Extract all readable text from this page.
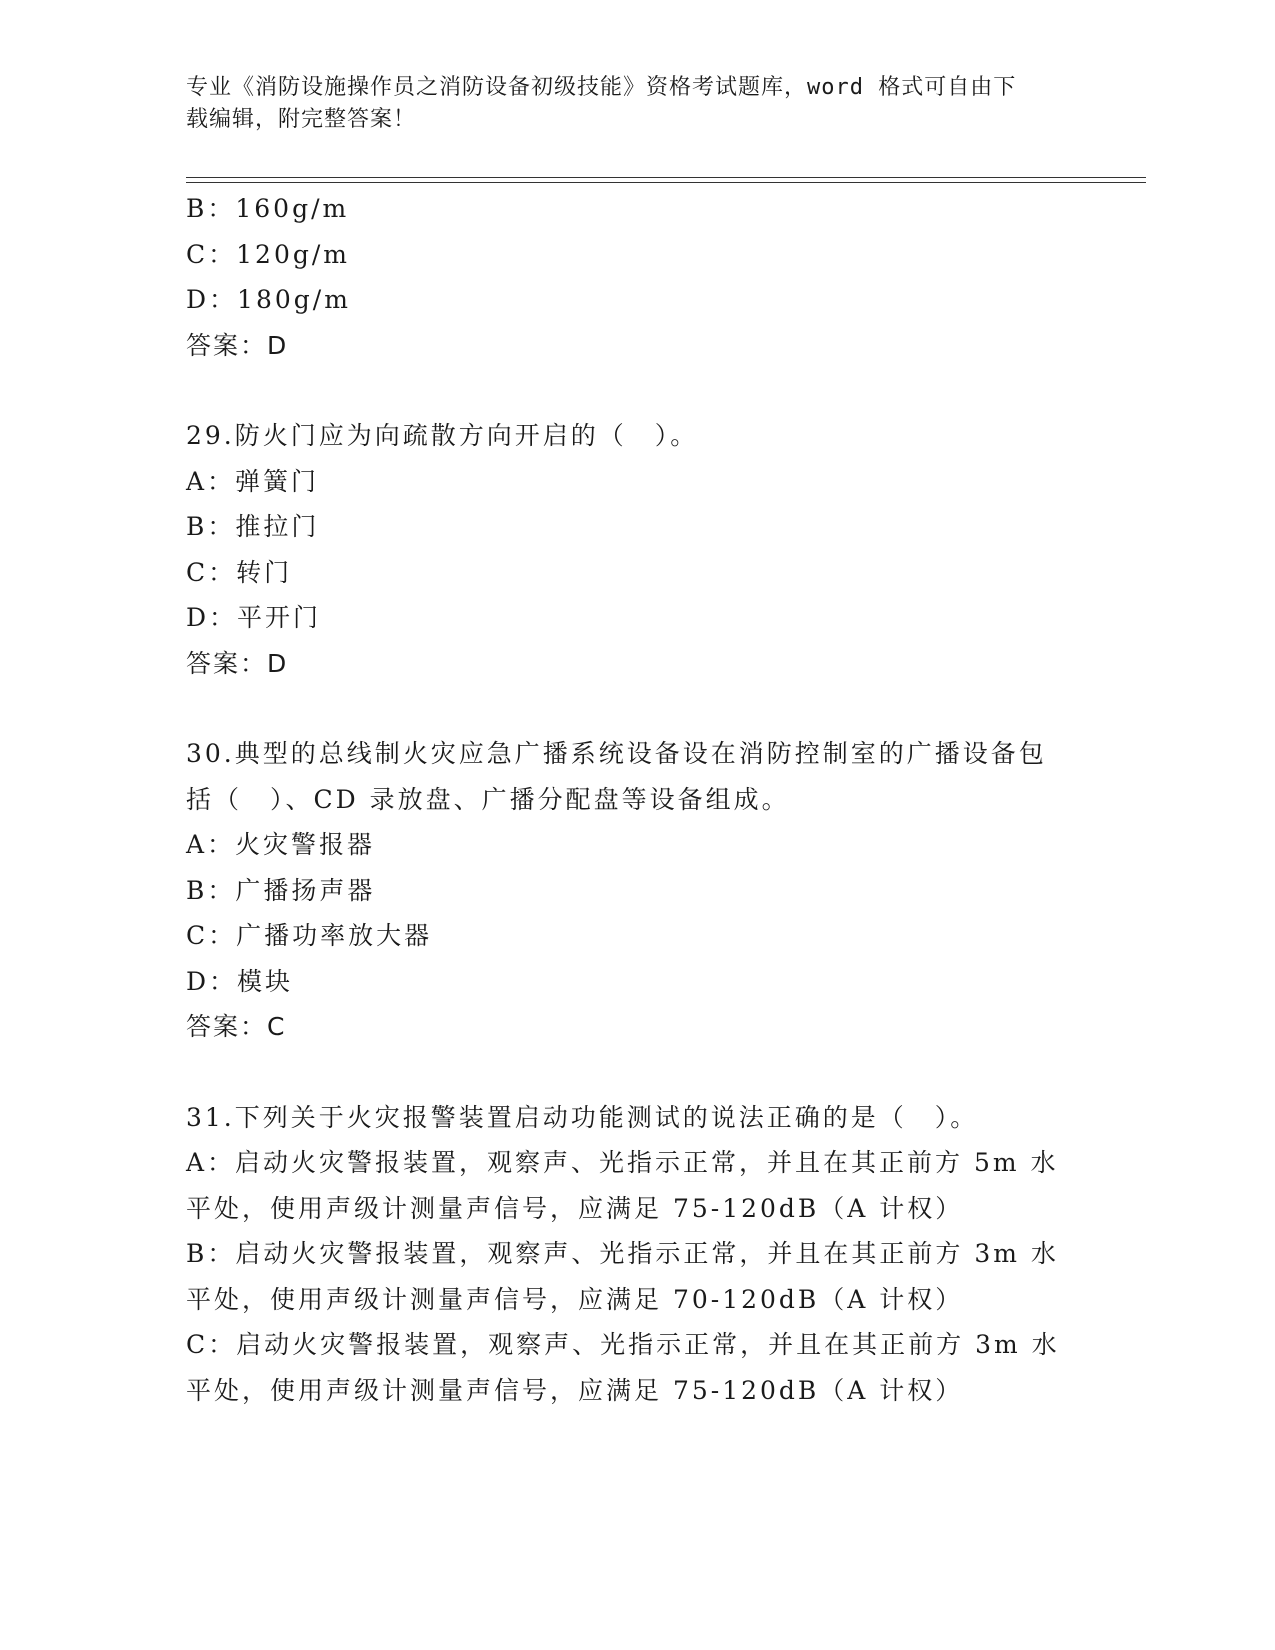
专业《消防设施操作员之消防设备初级技能》资格考试题库，word 格式可自由下
载编辑，附完整答案！
B：160g/m
C：120g/m
D：180g/m
答案：D
29.防火门应为向疏散方向开启的（　）。
A：弹簧门
B：推拉门
C：转门
D：平开门
答案：D
30.典型的总线制火灾应急广播系统设备设在消防控制室的广播设备包
括（　）、CD 录放盘、广播分配盘等设备组成。
A：火灾警报器
B：广播扬声器
C：广播功率放大器
D：模块
答案：C
31.下列关于火灾报警装置启动功能测试的说法正确的是（　）。
A：启动火灾警报装置，观察声、光指示正常，并且在其正前方 5m 水
平处，使用声级计测量声信号，应满足 75-120dB（A 计权）
B：启动火灾警报装置，观察声、光指示正常，并且在其正前方 3m 水
平处，使用声级计测量声信号，应满足 70-120dB（A 计权）
C：启动火灾警报装置，观察声、光指示正常，并且在其正前方 3m 水
平处，使用声级计测量声信号，应满足 75-120dB（A 计权）
